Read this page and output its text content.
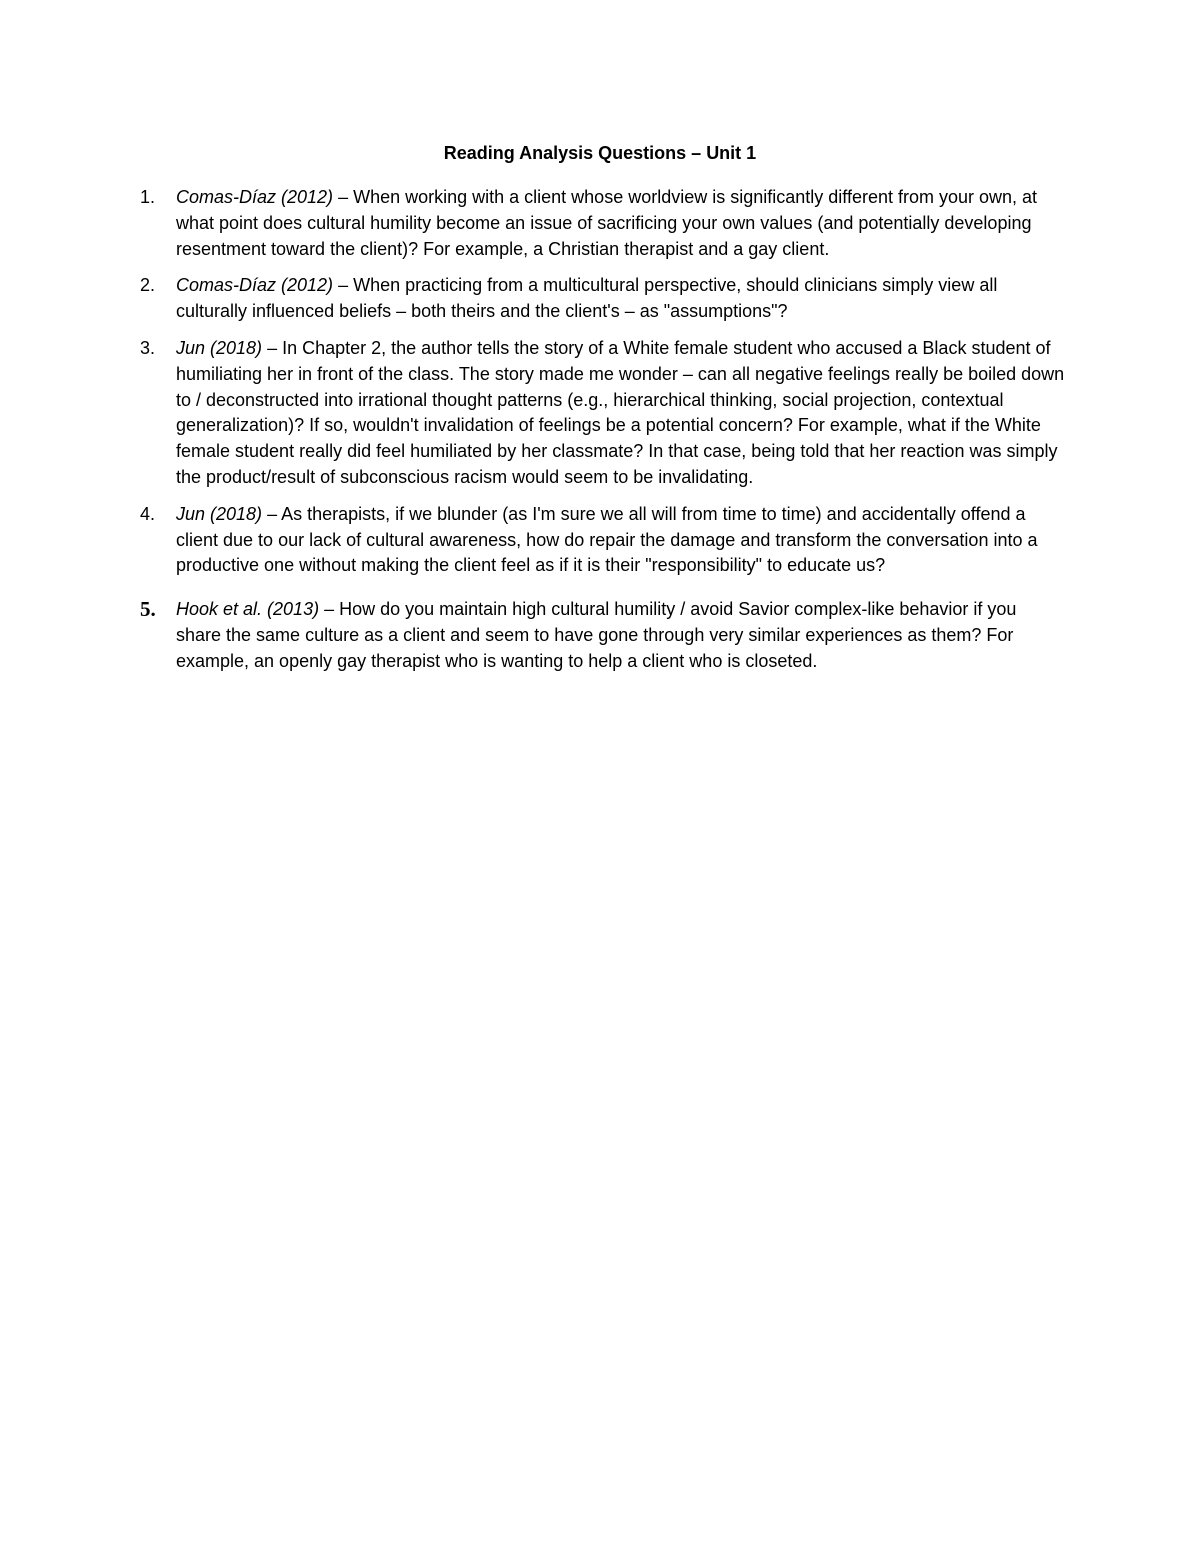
Reading Analysis Questions – Unit 1
1. Comas-Díaz (2012) – When working with a client whose worldview is significantly different from your own, at what point does cultural humility become an issue of sacrificing your own values (and potentially developing resentment toward the client)? For example, a Christian therapist and a gay client.
2. Comas-Díaz (2012) – When practicing from a multicultural perspective, should clinicians simply view all culturally influenced beliefs – both theirs and the client's – as "assumptions"?
3. Jun (2018) – In Chapter 2, the author tells the story of a White female student who accused a Black student of humiliating her in front of the class. The story made me wonder – can all negative feelings really be boiled down to / deconstructed into irrational thought patterns (e.g., hierarchical thinking, social projection, contextual generalization)? If so, wouldn't invalidation of feelings be a potential concern? For example, what if the White female student really did feel humiliated by her classmate? In that case, being told that her reaction was simply the product/result of subconscious racism would seem to be invalidating.
4. Jun (2018) – As therapists, if we blunder (as I'm sure we all will from time to time) and accidentally offend a client due to our lack of cultural awareness, how do repair the damage and transform the conversation into a productive one without making the client feel as if it is their "responsibility" to educate us?
5. Hook et al. (2013) – How do you maintain high cultural humility / avoid Savior complex-like behavior if you share the same culture as a client and seem to have gone through very similar experiences as them? For example, an openly gay therapist who is wanting to help a client who is closeted.
